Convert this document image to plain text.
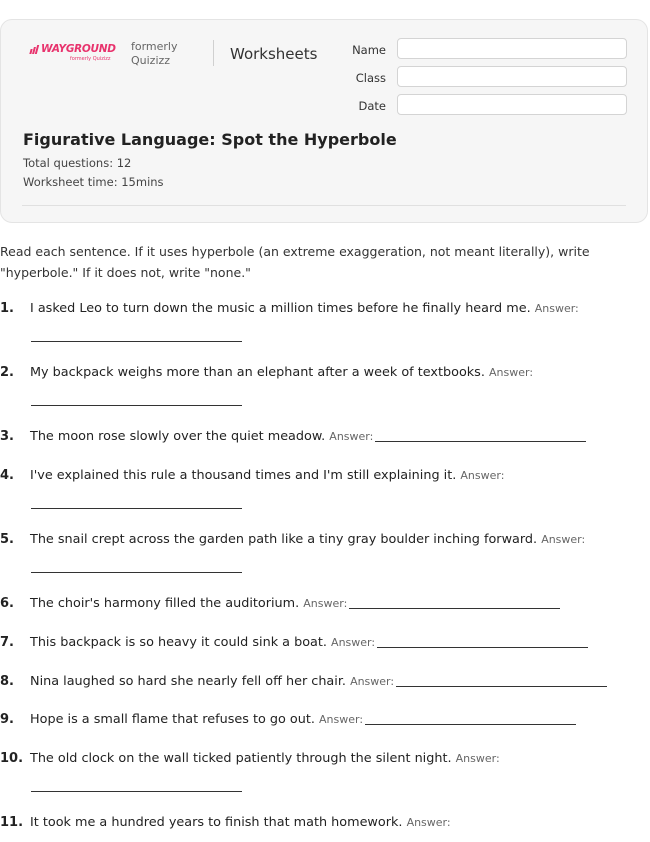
WAYGROUND
formerly Quizizz
formerly
Quizizz	Worksheets	Name
Class
Date
Figurative Language: Spot the Hyperbole
Total questions: 12
Worksheet time: 15mins
Read each sentence. If it uses hyperbole (an extreme exaggeration, not meant literally), write "hyperbole." If it does not, write "none."
1. I asked Leo to turn down the music a million times before he finally heard me. Answer:
2. My backpack weighs more than an elephant after a week of textbooks. Answer:
3. The moon rose slowly over the quiet meadow. Answer:
4. I've explained this rule a thousand times and I'm still explaining it. Answer:
5. The snail crept across the garden path like a tiny gray boulder inching forward. Answer:
6. The choir's harmony filled the auditorium. Answer:
7. This backpack is so heavy it could sink a boat. Answer:
8. Nina laughed so hard she nearly fell off her chair. Answer:
9. Hope is a small flame that refuses to go out. Answer:
10. The old clock on the wall ticked patiently through the silent night. Answer:
11. It took me a hundred years to finish that math homework. Answer:
